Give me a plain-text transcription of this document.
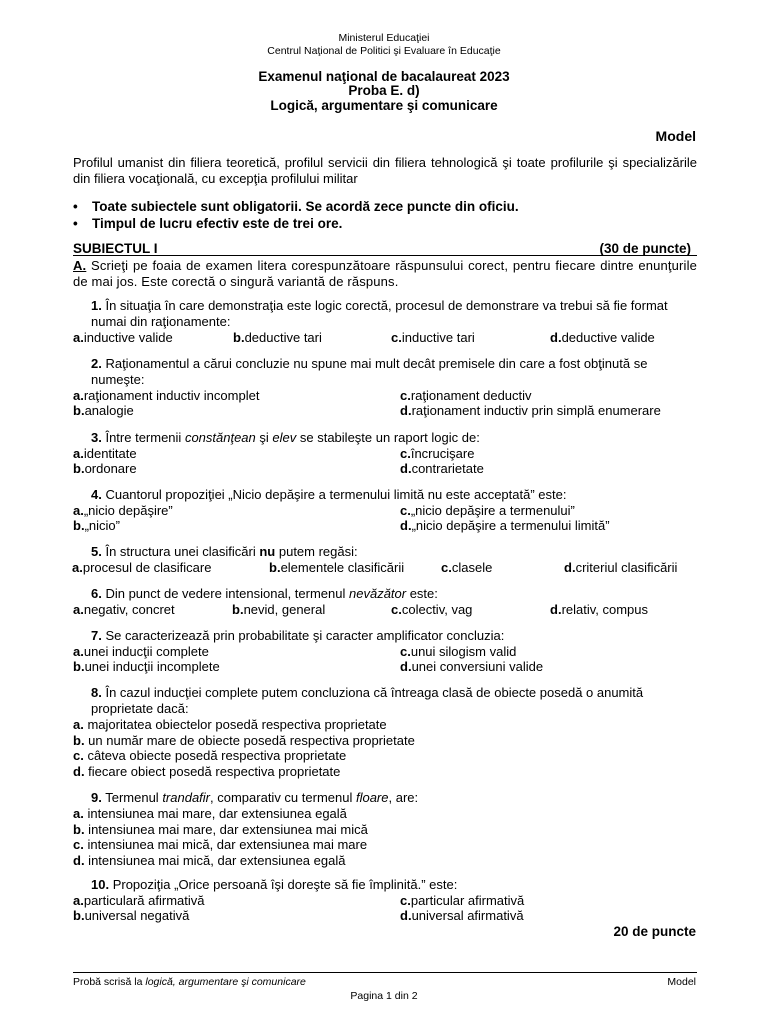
Ministerul Educaţiei
Centrul Naţional de Politici şi Evaluare în Educaţie
Examenul naţional de bacalaureat 2023
Proba E. d)
Logică, argumentare şi comunicare
Model
Profilul umanist din filiera teoretică, profilul servicii din filiera tehnologică şi toate profilurile şi specializările din filiera vocaţională, cu excepţia profilului militar
• Toate subiectele sunt obligatorii. Se acordă zece puncte din oficiu.
• Timpul de lucru efectiv este de trei ore.
SUBIECTUL I	(30 de puncte)
A. Scrieţi pe foaia de examen litera corespunzătoare răspunsului corect, pentru fiecare dintre enunţurile de mai jos. Este corectă o singură variantă de răspuns.
1. În situaţia în care demonstraţia este logic corectă, procesul de demonstrare va trebui să fie format numai din raţionamente:
a. inductive valide	b. deductive tari	c. inductive tari	d. deductive valide
2. Raţionamentul a cărui concluzie nu spune mai mult decât premisele din care a fost obţinută se numeşte:
a. raţionament inductiv incomplet	c. raţionament deductiv
b. analogie	d. raţionament inductiv prin simplă enumerare
3. Între termenii constănţean şi elev se stabileşte un raport logic de:
a. identitate	c. încrucişare
b. ordonare	d. contrarietate
4. Cuantorul propoziţiei „Nicio depăşire a termenului limită nu este acceptată” este:
a. „nicio depăşire”	c. „nicio depăşire a termenului”
b. „nicio”	d. „nicio depăşire a termenului limită”
5. În structura unei clasificări nu putem regăsi:
a. procesul de clasificare	b. elementele clasificării	c. clasele	d. criteriul clasificării
6. Din punct de vedere intensional, termenul nevăzător este:
a. negativ, concret	b. nevid, general	c. colectiv, vag	d. relativ, compus
7. Se caracterizează prin probabilitate şi caracter amplificator concluzia:
a. unei inducţii complete	c. unui silogism valid
b. unei inducţii incomplete	d. unei conversiuni valide
8. În cazul inducţiei complete putem concluziona că întreaga clasă de obiecte posedă o anumită proprietate dacă:
a. majoritatea obiectelor posedă respectiva proprietate
b. un număr mare de obiecte posedă respectiva proprietate
c. câteva obiecte posedă respectiva proprietate
d. fiecare obiect posedă respectiva proprietate
9. Termenul trandafir, comparativ cu termenul floare, are:
a. intensiunea mai mare, dar extensiunea egală
b. intensiunea mai mare, dar extensiunea mai mică
c. intensiunea mai mică, dar extensiunea mai mare
d. intensiunea mai mică, dar extensiunea egală
10. Propoziţia „Orice persoană îşi doreşte să fie împlinită.” este:
a. particulară afirmativă	c. particular afirmativă
b. universal negativă	d. universal afirmativă
20 de puncte
Probă scrisă la logică, argumentare şi comunicare	Model
Pagina 1 din 2
